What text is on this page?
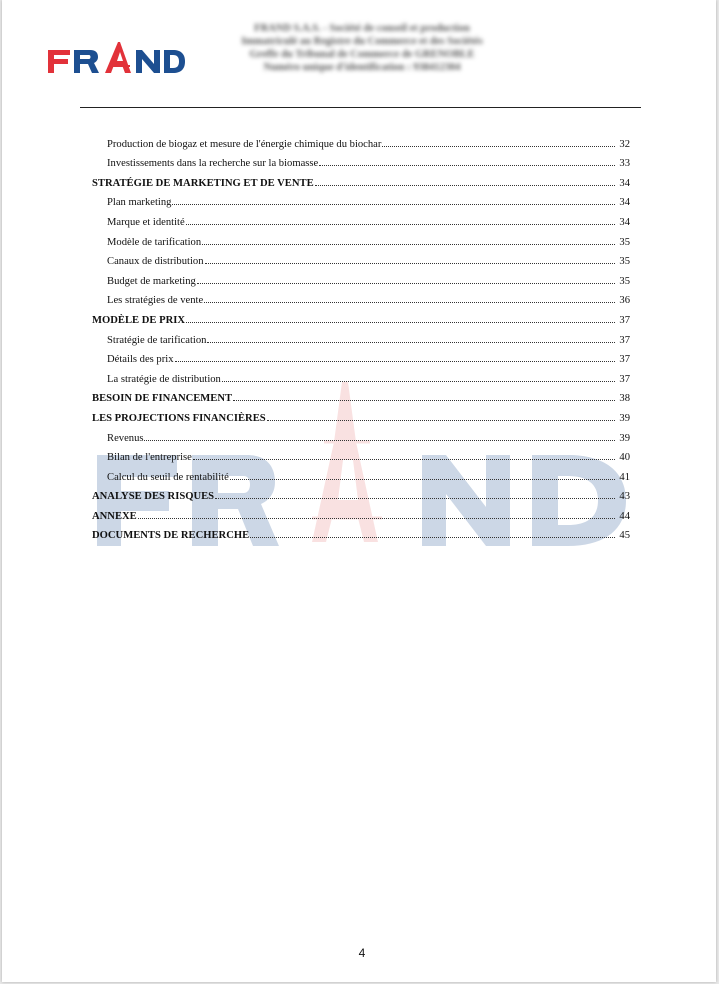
FRAND S.A.S. - Société de conseil et production
Immatriculé au Registre du Commerce et des Sociétés
Greffe du Tribunal de Commerce de GRENOBLE
Numéro unique d'identification : 938412304
Production de biogaz et mesure de l'énergie chimique du biochar	32
Investissements dans la recherche sur la biomasse	33
STRATÉGIE DE MARKETING ET DE VENTE	34
Plan marketing	34
Marque et identité	34
Modèle de tarification	35
Canaux de distribution	35
Budget de marketing	35
Les stratégies de vente	36
MODÈLE DE PRIX	37
Stratégie de tarification	37
Détails des prix	37
La stratégie de distribution	37
BESOIN DE FINANCEMENT	38
LES PROJECTIONS FINANCIÈRES	39
Revenus	39
Bilan de l'entreprise	40
Calcul du seuil de rentabilité	41
ANALYSE DES RISQUES	43
ANNEXE	44
DOCUMENTS DE RECHERCHE	45
4
